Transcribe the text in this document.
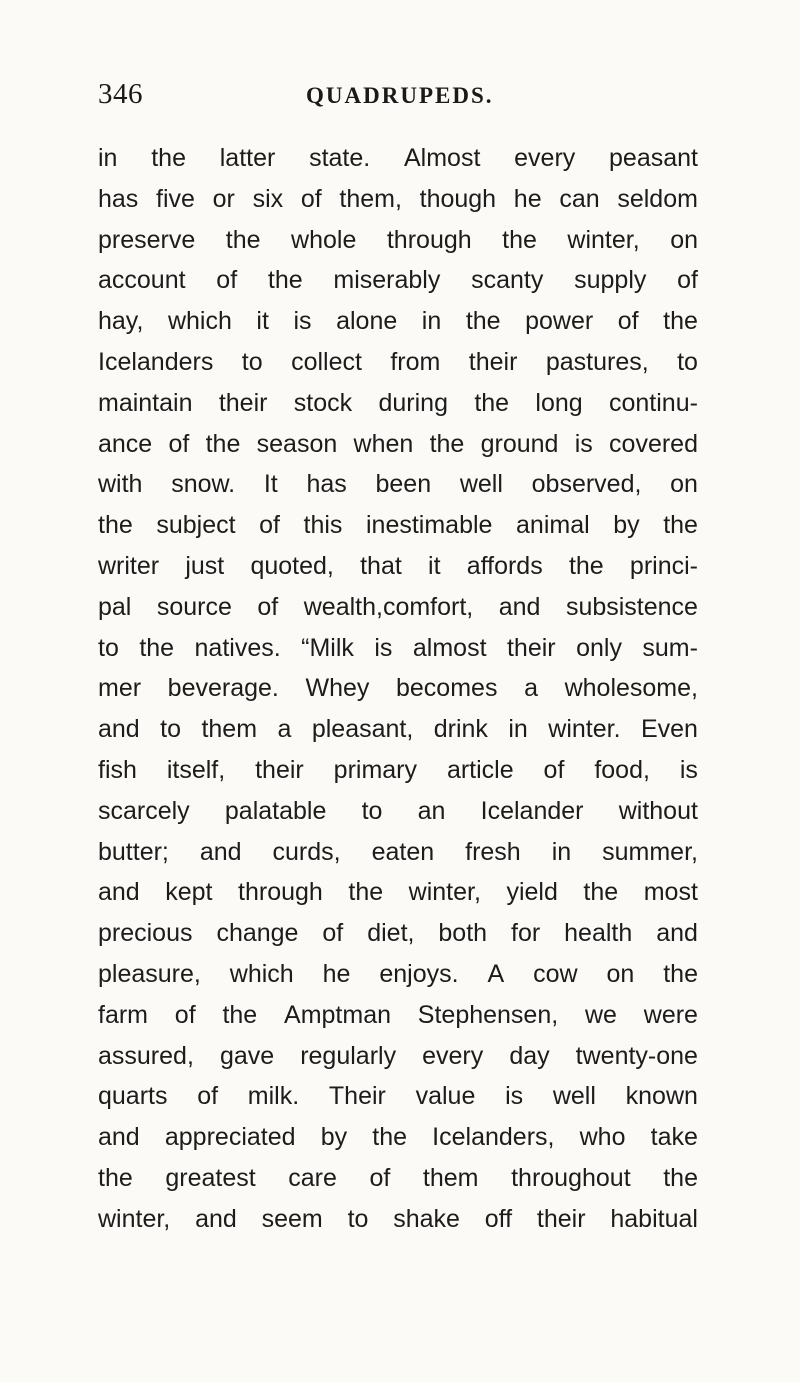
346	QUADRUPEDS.
in the latter state. Almost every peasant
has five or six of them, though he can seldom
preserve the whole through the winter, on
account of the miserably scanty supply of
hay, which it is alone in the power of the
Icelanders to collect from their pastures, to
maintain their stock during the long continu-
ance of the season when the ground is covered
with snow. It has been well observed, on
the subject of this inestimable animal by the
writer just quoted, that it affords the princi-
pal source of wealth,comfort, and subsistence
to the natives. “Milk is almost their only sum-
mer beverage. Whey becomes a wholesome,
and to them a pleasant, drink in winter. Even
fish itself, their primary article of food, is
scarcely palatable to an Icelander without
butter; and curds, eaten fresh in summer,
and kept through the winter, yield the most
precious change of diet, both for health and
pleasure, which he enjoys. A cow on the
farm of the Amptman Stephensen, we were
assured, gave regularly every day twenty-one
quarts of milk. Their value is well known
and appreciated by the Icelanders, who take
the greatest care of them throughout the
winter, and seem to shake off their habitual
